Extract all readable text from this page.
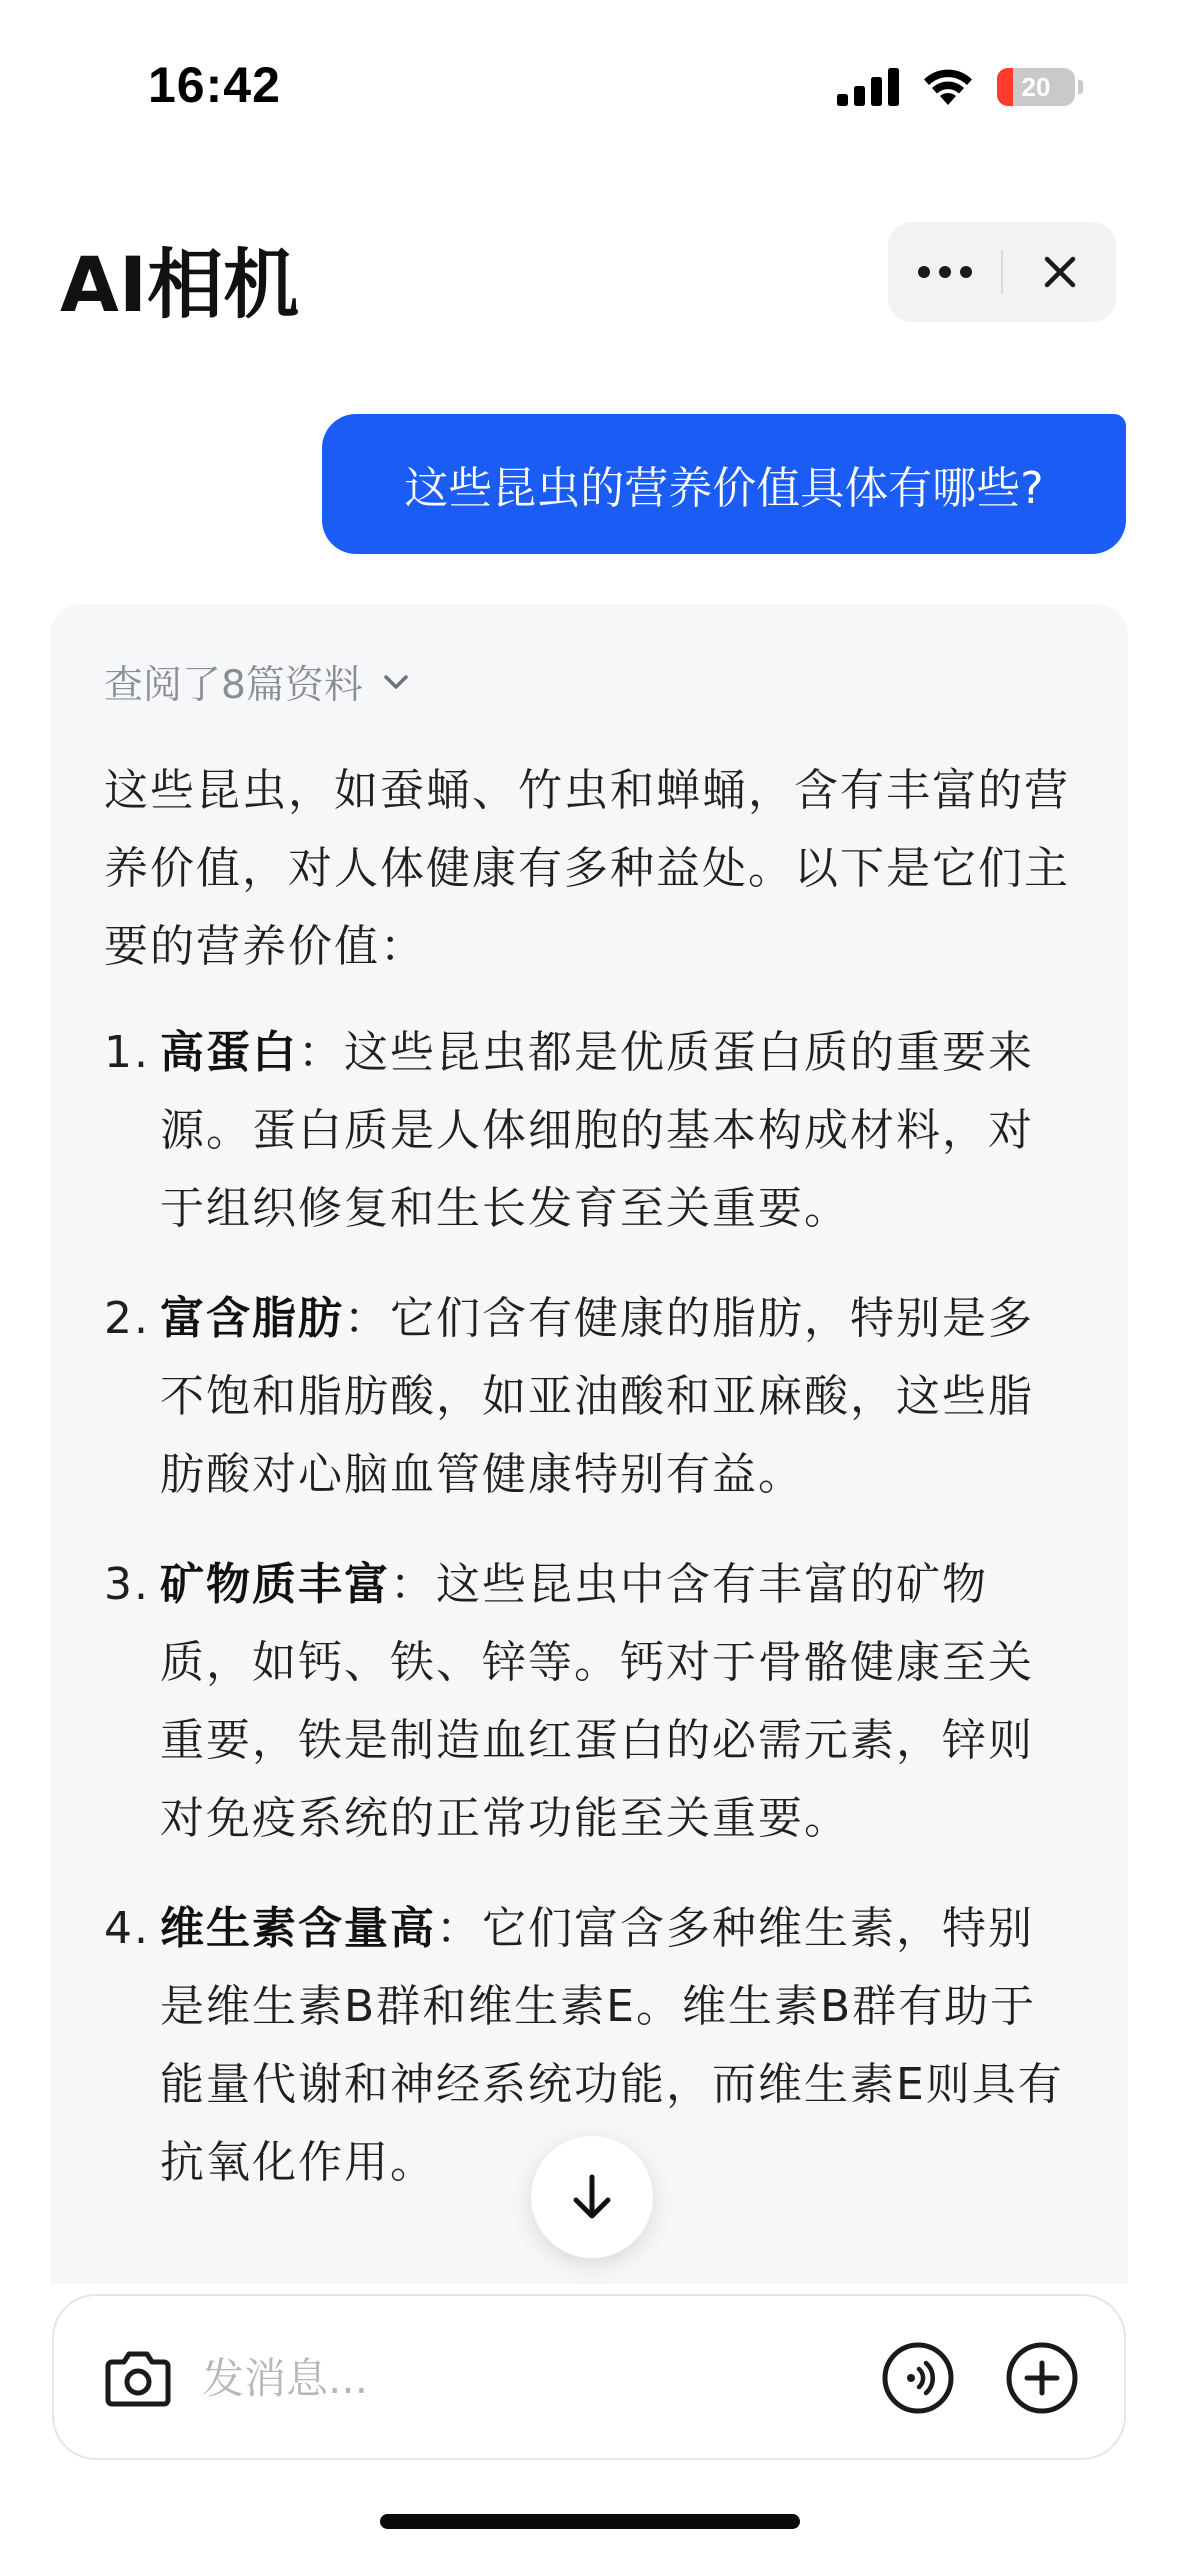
16:42	20
AI相机
这些昆虫的营养价值具体有哪些?
查阅了8篇资料

这些昆虫，如蚕蛹、竹虫和蝉蛹，含有丰富的营养价值，对人体健康有多种益处。以下是它们主要的营养价值：

1. 高蛋白：这些昆虫都是优质蛋白质的重要来源。蛋白质是人体细胞的基本构成材料，对于组织修复和生长发育至关重要。
2. 富含脂肪：它们含有健康的脂肪，特别是多不饱和脂肪酸，如亚油酸和亚麻酸，这些脂肪酸对心脑血管健康特别有益。
3. 矿物质丰富：这些昆虫中含有丰富的矿物质，如钙、铁、锌等。钙对于骨骼健康至关重要，铁是制造血红蛋白的必需元素，锌则对免疫系统的正常功能至关重要。
4. 维生素含量高：它们富含多种维生素，特别是维生素B群和维生素E。维生素B群有助于能量代谢和神经系统功能，而维生素E则具有抗氧化作用。
发消息...
